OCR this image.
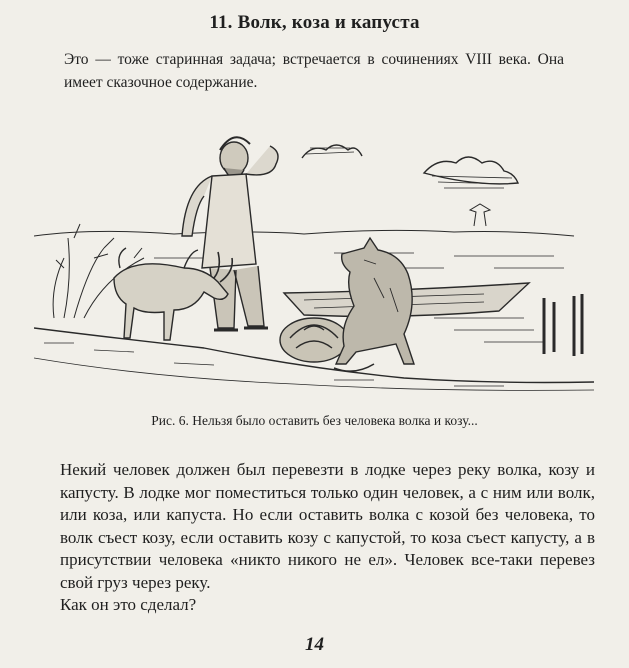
11. Волк, коза и капуста
Это — тоже старинная задача; встречается в сочинениях VIII века. Она имеет сказочное содержание.
Рис. 6. Нельзя было оставить без человека волка и козу...
Некий человек должен был перевезти в лодке через реку волка, козу и капусту. В лодке мог поместиться только один человек, а с ним или волк, или коза, или капуста. Но если оставить волка с козой без человека, то волк съест козу, если оставить козу с капустой, то коза съест капусту, а в присутствии человека «никто никого не ел». Человек все-таки перевез свой груз через реку.
Как он это сделал?
14
